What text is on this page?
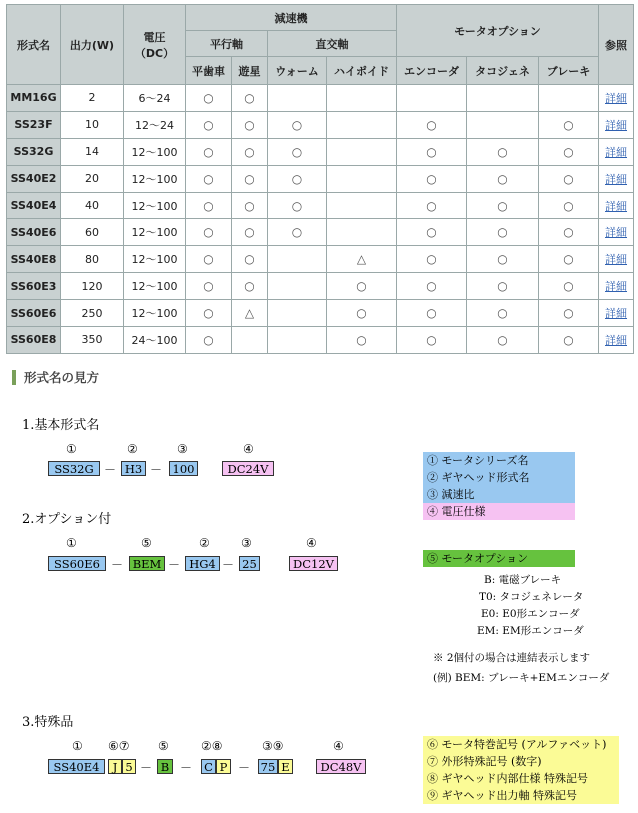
形式名	出力(W)	電圧
（DC）	減速機				モータオプション			参照
			平行軸		直交軸					
			平歯車	遊星	ウォーム	ハイポイド	エンコーダ	タコジェネ	ブレーキ	
MM16G	2	6～24	○	○						詳細
SS23F	10	12～24	○	○	○		○		○	詳細
SS32G	14	12～100	○	○	○		○	○	○	詳細
SS40E2	20	12～100	○	○	○		○	○	○	詳細
SS40E4	40	12～100	○	○	○		○	○	○	詳細
SS40E6	60	12～100	○	○	○		○	○	○	詳細
SS40E8	80	12～100	○	○		△	○	○	○	詳細
SS60E3	120	12～100	○	○		○	○	○	○	詳細
SS60E6	250	12～100	○	△		○	○	○	○	詳細
SS60E8	350	24～100	○			○	○	○	○	詳細
形式名の見方
1.基本形式名
①	②	③	④
SS32G － H3 － 100	DC24V
① モータシリーズ名
② ギヤヘッド形式名
③ 減速比
④ 電圧仕様
2.オプション付
①	⑤	②	③	④
SS60E6 － BEM － HG4 － 25	DC12V	⑤ モータオプション
B: 電磁ブレーキ
T0: タコジェネレータ
E0: E0形エンコーダ
EM: EM形エンコーダ
※ 2個付の場合は連結表示します
(例) BEM: ブレーキ+EMエンコーダ
3.特殊品
① ⑥⑦ ⑤	②⑧	③⑨	④
SS40E4	J 5 － B － C P － 75 E	DC48V
⑥ モータ特巻記号 (アルファベット)
⑦ 外形特殊記号 (数字)
⑧ ギヤヘッド内部仕様 特殊記号
⑨ ギヤヘッド出力軸 特殊記号
